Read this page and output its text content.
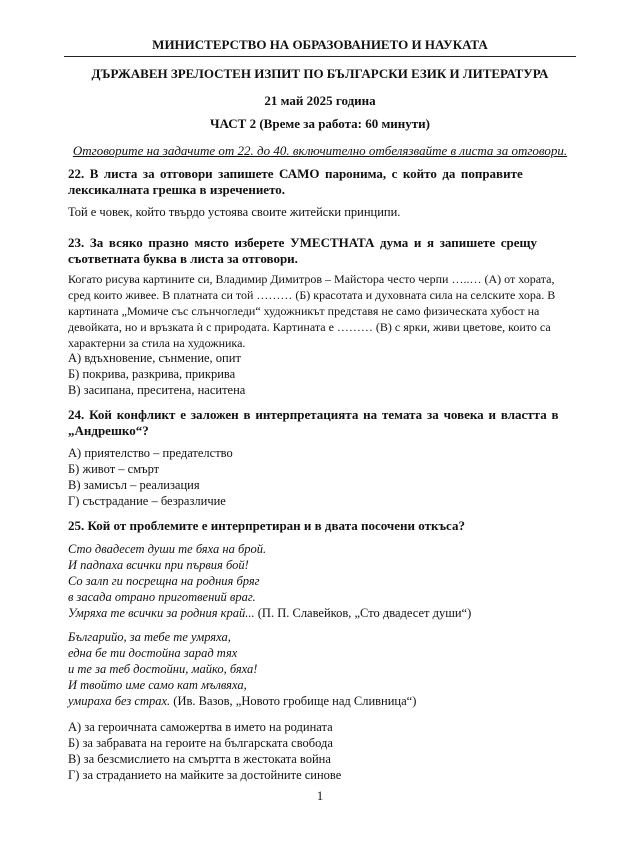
МИНИСТЕРСТВО НА ОБРАЗОВАНИЕТО И НАУКАТА
ДЪРЖАВЕН ЗРЕЛОСТЕН ИЗПИТ ПО БЪЛГАРСКИ ЕЗИК И ЛИТЕРАТУРА
21 май 2025 година
ЧАСТ 2 (Време за работа: 60 минути)
Отговорите на задачите от 22. до 40. включително отбелязвайте в листа за отговори.
22. В листа за отговори запишете САМО паронима, с който да поправите
лексикалната грешка в изречението.
Той е човек, който твърдо устоява своите житейски принципи.
23. За всяко празно място изберете УМЕСТНАТА дума и я запишете срещу
съответната буква в листа за отговори.
Когато рисува картините си, Владимир Димитров – Майстора често черпи …..… (А) от хората,
сред които живее. В платната си той ……… (Б) красотата и духовната сила на селските хора. В
картината „Момиче със слънчогледи“ художникът представя не само физическата хубост на
девойката, но и връзката ѝ с природата. Картината е ……… (В) с ярки, живи цветове, които са
характерни за стила на художника.
А) вдъхновение, сънмение, опит
Б) покрива, разкрива, прикрива
В) засипана, преситена, наситена
24. Кой конфликт е заложен в интерпретацията на темата за човека и властта в
„Андрешко“?
А) приятелство – предателство
Б) живот – смърт
В) замисъл – реализация
Г) състрадание – безразличие
25. Кой от проблемите е интерпретиран и в двата посочени откъса?
Сто двадесет души те бяха на брой.
И падnаха всички при първия бой!
Со залп ги посрещна на родния бряг
в засада отрано приготвений враг.
Умряха те всички за родния край... (П. П. Славейков, „Сто двадесет души“)
Българийо, за тебе те умряха,
една бе ти достойна зарад тях
и те за теб достойни, майко, бяха!
И твойто име само кат мълвяха,
умираха без страх. (Ив. Вазов, „Новото гробище над Сливница“)
А) за героичната саможертва в името на родината
Б) за забравата на героите на българската свобода
В) за безсмислието на смъртта в жестоката война
Г) за страданието на майките за достойните синове
1
